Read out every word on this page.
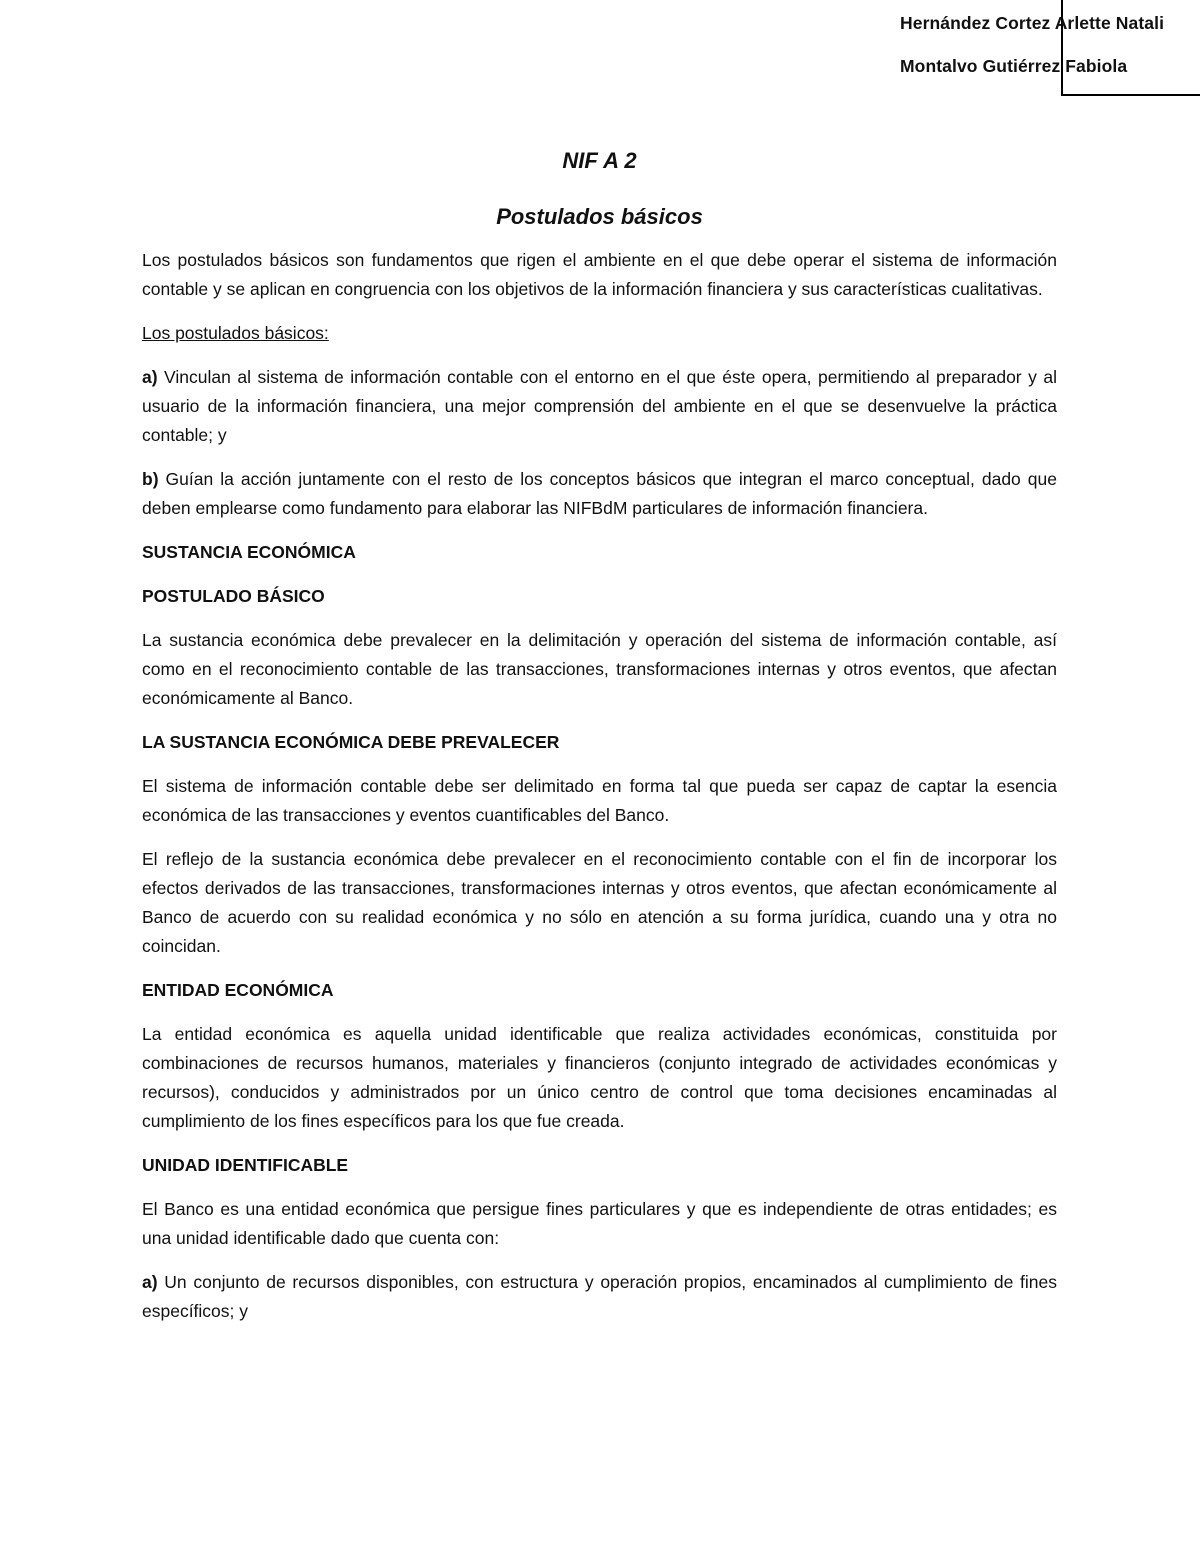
Hernández Cortez Arlette Natali
Montalvo Gutiérrez Fabiola
NIF A 2
Postulados básicos

Los postulados básicos son fundamentos que rigen el ambiente en el que debe operar el sistema de información contable y se aplican en congruencia con los objetivos de la información financiera y sus características cualitativas.

Los postulados básicos:

a) Vinculan al sistema de información contable con el entorno en el que éste opera, permitiendo al preparador y al usuario de la información financiera, una mejor comprensión del ambiente en el que se desenvuelve la práctica contable; y

b) Guían la acción juntamente con el resto de los conceptos básicos que integran el marco conceptual, dado que deben emplearse como fundamento para elaborar las NIFBdM particulares de información financiera.

SUSTANCIA ECONÓMICA

POSTULADO BÁSICO

La sustancia económica debe prevalecer en la delimitación y operación del sistema de información contable, así como en el reconocimiento contable de las transacciones, transformaciones internas y otros eventos, que afectan económicamente al Banco.

LA SUSTANCIA ECONÓMICA DEBE PREVALECER

El sistema de información contable debe ser delimitado en forma tal que pueda ser capaz de captar la esencia económica de las transacciones y eventos cuantificables del Banco.

El reflejo de la sustancia económica debe prevalecer en el reconocimiento contable con el fin de incorporar los efectos derivados de las transacciones, transformaciones internas y otros eventos, que afectan económicamente al Banco de acuerdo con su realidad económica y no sólo en atención a su forma jurídica, cuando una y otra no coincidan.

ENTIDAD ECONÓMICA

La entidad económica es aquella unidad identificable que realiza actividades económicas, constituida por combinaciones de recursos humanos, materiales y financieros (conjunto integrado de actividades económicas y recursos), conducidos y administrados por un único centro de control que toma decisiones encaminadas al cumplimiento de los fines específicos para los que fue creada.

UNIDAD IDENTIFICABLE

El Banco es una entidad económica que persigue fines particulares y que es independiente de otras entidades; es una unidad identificable dado que cuenta con:

a) Un conjunto de recursos disponibles, con estructura y operación propios, encaminados al cumplimiento de fines específicos; y
